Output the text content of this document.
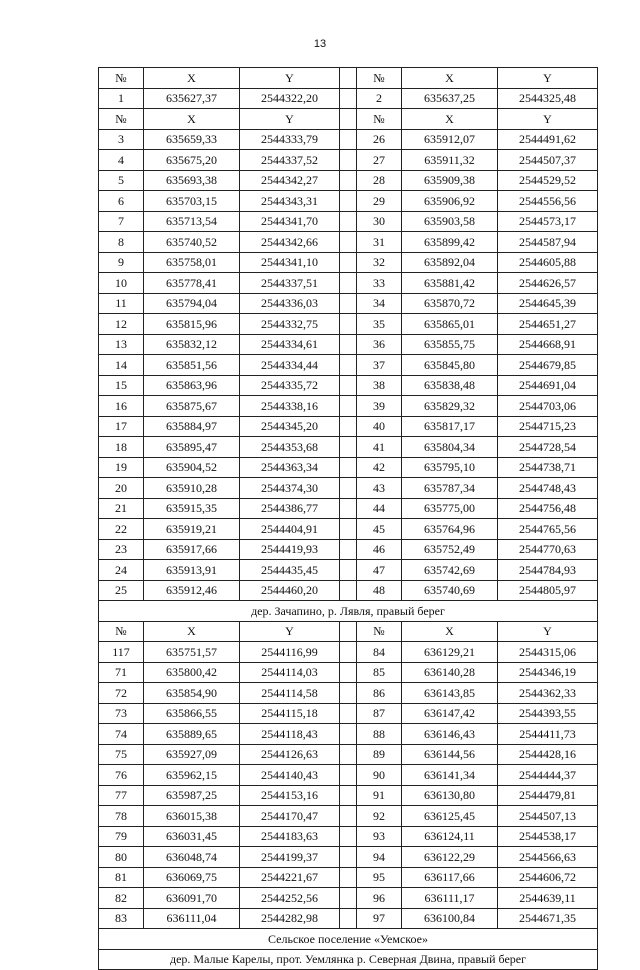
13
№	X	Y		№	X	Y
1	635627,37	2544322,20		2	635637,25	2544325,48
№	X	Y		№	X	Y
3	635659,33	2544333,79		26	635912,07	2544491,62
4	635675,20	2544337,52		27	635911,32	2544507,37
5	635693,38	2544342,27		28	635909,38	2544529,52
6	635703,15	2544343,31		29	635906,92	2544556,56
7	635713,54	2544341,70		30	635903,58	2544573,17
8	635740,52	2544342,66		31	635899,42	2544587,94
9	635758,01	2544341,10		32	635892,04	2544605,88
10	635778,41	2544337,51		33	635881,42	2544626,57
11	635794,04	2544336,03		34	635870,72	2544645,39
12	635815,96	2544332,75		35	635865,01	2544651,27
13	635832,12	2544334,61		36	635855,75	2544668,91
14	635851,56	2544334,44		37	635845,80	2544679,85
15	635863,96	2544335,72		38	635838,48	2544691,04
16	635875,67	2544338,16		39	635829,32	2544703,06
17	635884,97	2544345,20		40	635817,17	2544715,23
18	635895,47	2544353,68		41	635804,34	2544728,54
19	635904,52	2544363,34		42	635795,10	2544738,71
20	635910,28	2544374,30		43	635787,34	2544748,43
21	635915,35	2544386,77		44	635775,00	2544756,48
22	635919,21	2544404,91		45	635764,96	2544765,56
23	635917,66	2544419,93		46	635752,49	2544770,63
24	635913,91	2544435,45		47	635742,69	2544784,93
25	635912,46	2544460,20		48	635740,69	2544805,97
дер. Зачапино, р. Лявля, правый берег						
№	X	Y		№	X	Y
117	635751,57	2544116,99		84	636129,21	2544315,06
71	635800,42	2544114,03		85	636140,28	2544346,19
72	635854,90	2544114,58		86	636143,85	2544362,33
73	635866,55	2544115,18		87	636147,42	2544393,55
74	635889,65	2544118,43		88	636146,43	2544411,73
75	635927,09	2544126,63		89	636144,56	2544428,16
76	635962,15	2544140,43		90	636141,34	2544444,37
77	635987,25	2544153,16		91	636130,80	2544479,81
78	636015,38	2544170,47		92	636125,45	2544507,13
79	636031,45	2544183,63		93	636124,11	2544538,17
80	636048,74	2544199,37		94	636122,29	2544566,63
81	636069,75	2544221,67		95	636117,66	2544606,72
82	636091,70	2544252,56		96	636111,17	2544639,11
83	636111,04	2544282,98		97	636100,84	2544671,35
Сельское поселение «Уемское»						
дер. Малые Карелы, прот. Уемлянка р. Северная Двина, правый берег						
